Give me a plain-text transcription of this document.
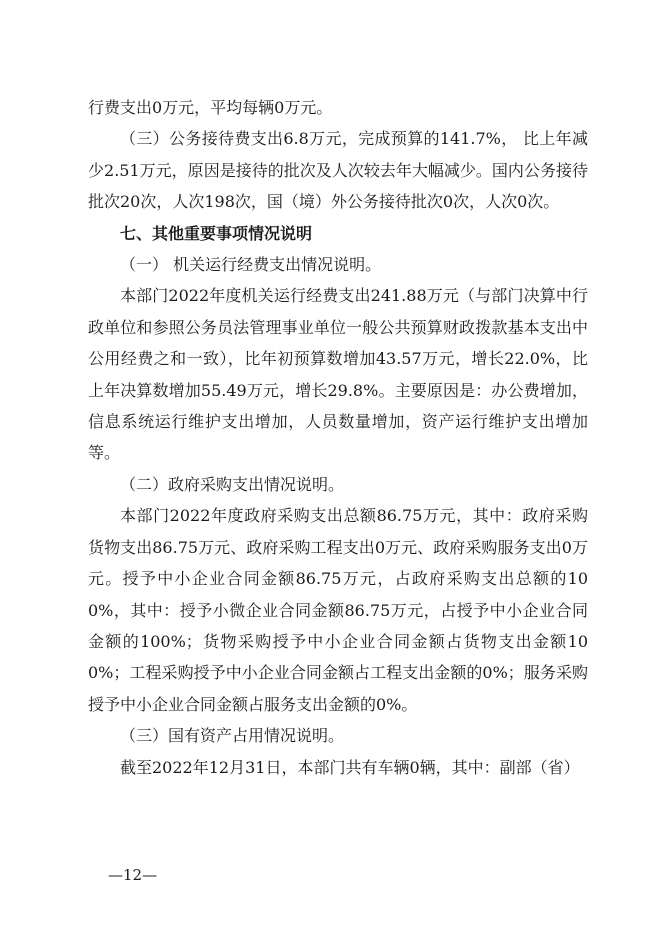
行费支出0万元，平均每辆0万元。

（三）公务接待费支出6.8万元，完成预算的141.7%， 比上年减少2.51万元，原因是接待的批次及人次较去年大幅减少。国内公务接待批次20次，人次198次，国（境）外公务接待批次0次，人次0次。

七、其他重要事项情况说明

（一） 机关运行经费支出情况说明。

本部门2022年度机关运行经费支出241.88万元（与部门决算中行政单位和参照公务员法管理事业单位一般公共预算财政拨款基本支出中公用经费之和一致），比年初预算数增加43.57万元，增长22.0%，比上年决算数增加55.49万元，增长29.8%。主要原因是：办公费增加，信息系统运行维护支出增加，人员数量增加，资产运行维护支出增加等。

（二）政府采购支出情况说明。

本部门2022年度政府采购支出总额86.75万元，其中：政府采购货物支出86.75万元、政府采购工程支出0万元、政府采购服务支出0万元。授予中小企业合同金额86.75万元，占政府采购支出总额的100%，其中：授予小微企业合同金额86.75万元，占授予中小企业合同金额的100%；货物采购授予中小企业合同金额占货物支出金额100%；工程采购授予中小企业合同金额占工程支出金额的0%；服务采购授予中小企业合同金额占服务支出金额的0%。

（三）国有资产占用情况说明。

截至2022年12月31日，本部门共有车辆0辆，其中：副部（省）

—12—
